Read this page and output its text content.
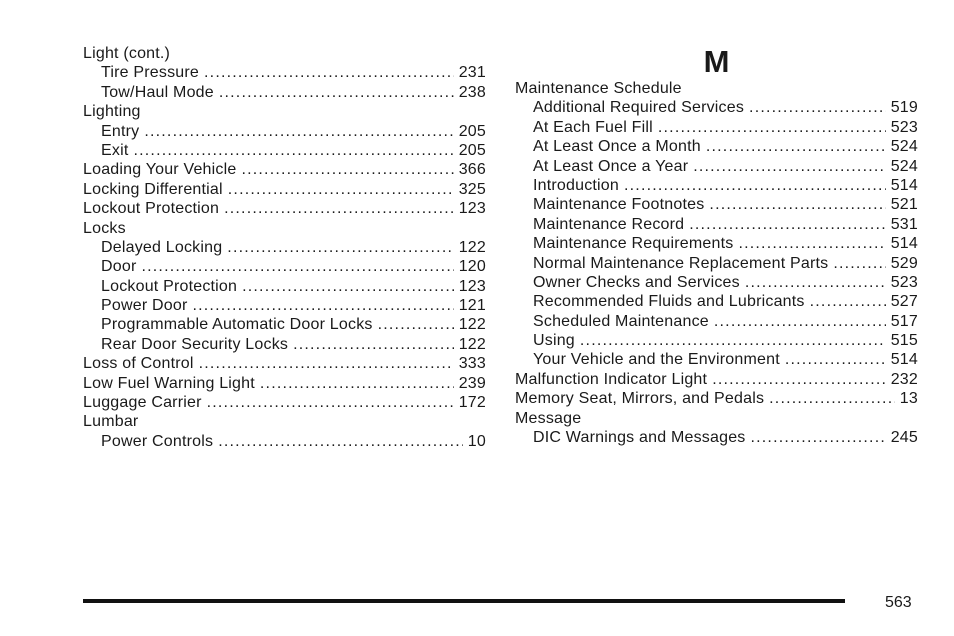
Light (cont.)
Tire Pressure .....	231
Tow/Haul Mode .....	238
Lighting
Entry .....	205
Exit .....	205
Loading Your Vehicle .....	366
Locking Differential .....	325
Lockout Protection .....	123
Locks
Delayed Locking .....	122
Door .....	120
Lockout Protection .....	123
Power Door .....	121
Programmable Automatic Door Locks .....	122
Rear Door Security Locks .....	122
Loss of Control .....	333
Low Fuel Warning Light .....	239
Luggage Carrier .....	172
Lumbar
Power Controls .....	10
M
Maintenance Schedule
Additional Required Services .....	519
At Each Fuel Fill .....	523
At Least Once a Month .....	524
At Least Once a Year .....	524
Introduction .....	514
Maintenance Footnotes .....	521
Maintenance Record .....	531
Maintenance Requirements .....	514
Normal Maintenance Replacement Parts .....	529
Owner Checks and Services .....	523
Recommended Fluids and Lubricants .....	527
Scheduled Maintenance .....	517
Using .....	515
Your Vehicle and the Environment .....	514
Malfunction Indicator Light .....	232
Memory Seat, Mirrors, and Pedals .....	13
Message
DIC Warnings and Messages .....	245
563
